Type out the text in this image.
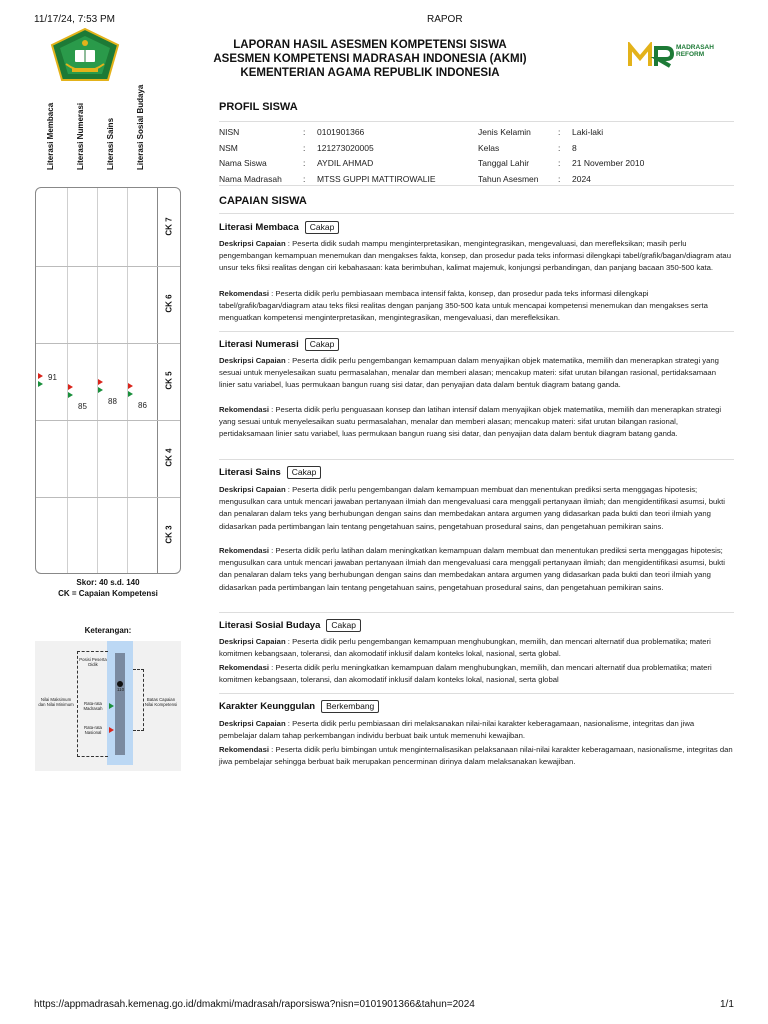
11/17/24, 7:53 PM	RAPOR
LAPORAN HASIL ASESMEN KOMPETENSI SISWA
ASESMEN KOMPETENSI MADRASAH INDONESIA (AKMI)
KEMENTERIAN AGAMA REPUBLIK INDONESIA
MADRASAH REFORM
Literasi Membaca	Literasi Numerasi	Literasi Sains	Literasi Sosial Budaya
CK 7
CK 6
CK 5
CK 4
CK 3
91
85
88	86
Skor: 40 s.d. 140
CK = Capaian Kompetensi
Keterangan:
110
Posisi Peserta Didik
Rata-rata Madrasah
Rata-rata Nasional
Nilai Maksimum dan Nilai Minimum
Batas Capaian Nilai Kompetensi
PROFIL SISWA
NISN	:	0101901366
NSM	:	121273020005
Nama Siswa	:	AYDIL AHMAD
Nama Madrasah	:	MTSS GUPPI MATTIROWALIE
Jenis Kelamin	:	Laki-laki
Kelas	:	8
Tanggal Lahir	:	21 November 2010
Tahun Asesmen	:	2024
CAPAIAN SISWA
Literasi Membaca Cakap
Deskripsi Capaian : Peserta didik sudah mampu menginterpretasikan, mengintegrasikan, mengevaluasi, dan merefleksikan; masih perlu pengembangan kemampuan menemukan dan mengakses fakta, konsep, dan prosedur pada teks informasi dilengkapi tabel/grafik/bagan/diagram atau unsur teks fiksi realitas dengan ciri kebahasaan: kata berimbuhan, kalimat majemuk, konjungsi perbandingan, dan panjang bacaan 350-500 kata.
Rekomendasi : Peserta didik perlu pembiasaan membaca intensif fakta, konsep, dan prosedur pada teks informasi dilengkapi tabel/grafik/bagan/diagram atau teks fiksi realitas dengan panjang 350-500 kata untuk mencapai kompetensi menemukan dan mengakses serta menguatkan kompetensi menginterpretasikan, mengintegrasikan, mengevaluasi, dan merefleksikan.
Literasi Numerasi Cakap
Deskripsi Capaian : Peserta didik perlu pengembangan kemampuan dalam menyajikan objek matematika, memilih dan menerapkan strategi yang sesuai untuk menyelesaikan suatu permasalahan, menalar dan memberi alasan; mencakup materi: sifat urutan bilangan rasional, pertidaksamaan linier satu variabel, luas permukaan bangun ruang sisi datar, dan penyajian data dalam bentuk diagram batang ganda.
Rekomendasi : Peserta didik perlu penguasaan konsep dan latihan intensif dalam menyajikan objek matematika, memilih dan menerapkan strategi yang sesuai untuk menyelesaikan suatu permasalahan, menalar dan memberi alasan; mencakup materi: sifat urutan bilangan rasional, pertidaksamaan linier satu variabel, luas permukaan bangun ruang sisi datar, dan penyajian data dalam bentuk diagram batang ganda.
Literasi Sains Cakap
Deskripsi Capaian : Peserta didik perlu pengembangan dalam kemampuan membuat dan menentukan prediksi serta menggagas hipotesis; mengusulkan cara untuk mencari jawaban pertanyaan ilmiah dan mengevaluasi cara menggali pertanyaan ilmiah; dan mengidentifikasi asumsi, bukti dan penalaran dalam teks yang berhubungan dengan sains dan membedakan antara argumen yang didasarkan pada bukti dan teori ilmiah yang didasarkan pada pertimbangan lain tentang pengetahuan sains, pengetahuan prosedural sains, dan pengetahuan pemikiran sains.
Rekomendasi : Peserta didik perlu latihan dalam meningkatkan kemampuan dalam membuat dan menentukan prediksi serta menggagas hipotesis; mengusulkan cara untuk mencari jawaban pertanyaan ilmiah dan mengevaluasi cara menggali pertanyaan ilmiah; dan mengidentifikasi asumsi, bukti dan penalaran dalam teks yang berhubungan dengan sains dan membedakan antara argumen yang didasarkan pada bukti dan teori ilmiah yang didasarkan pada pertimbangan lain tentang pengetahuan sains, pengetahuan prosedural sains, dan pengetahuan pemikiran sains.
Literasi Sosial Budaya Cakap
Deskripsi Capaian : Peserta didik perlu pengembangan kemampuan menghubungkan, memilih, dan mencari alternatif dua problematika; materi komitmen kebangsaan, toleransi, dan akomodatif inklusif dalam konteks lokal, nasional, serta global.
Rekomendasi : Peserta didik perlu meningkatkan kemampuan dalam menghubungkan, memilih, dan mencari alternatif dua problematika; materi komitmen kebangsaan, toleransi, dan akomodatif inklusif dalam konteks lokal, nasional, serta global
Karakter Keunggulan Berkembang
Deskripsi Capaian : Peserta didik perlu pembiasaan diri melaksanakan nilai-nilai karakter keberagamaan, nasionalisme, integritas dan jiwa pembelajar dalam tahap perkembangan individu berbuat baik untuk memenuhi kewajiban.
Rekomendasi : Peserta didik perlu bimbingan untuk menginternalisasikan pelaksanaan nilai-nilai karakter keberagamaan, nasionalisme, integritas dan jiwa pembelajar sehingga berbuat baik merupakan pencerminan dirinya dalam melaksanakan kewajiban.
https://appmadrasah.kemenag.go.id/dmakmi/madrasah/raporsiswa?nisn=0101901366&tahun=2024	1/1
